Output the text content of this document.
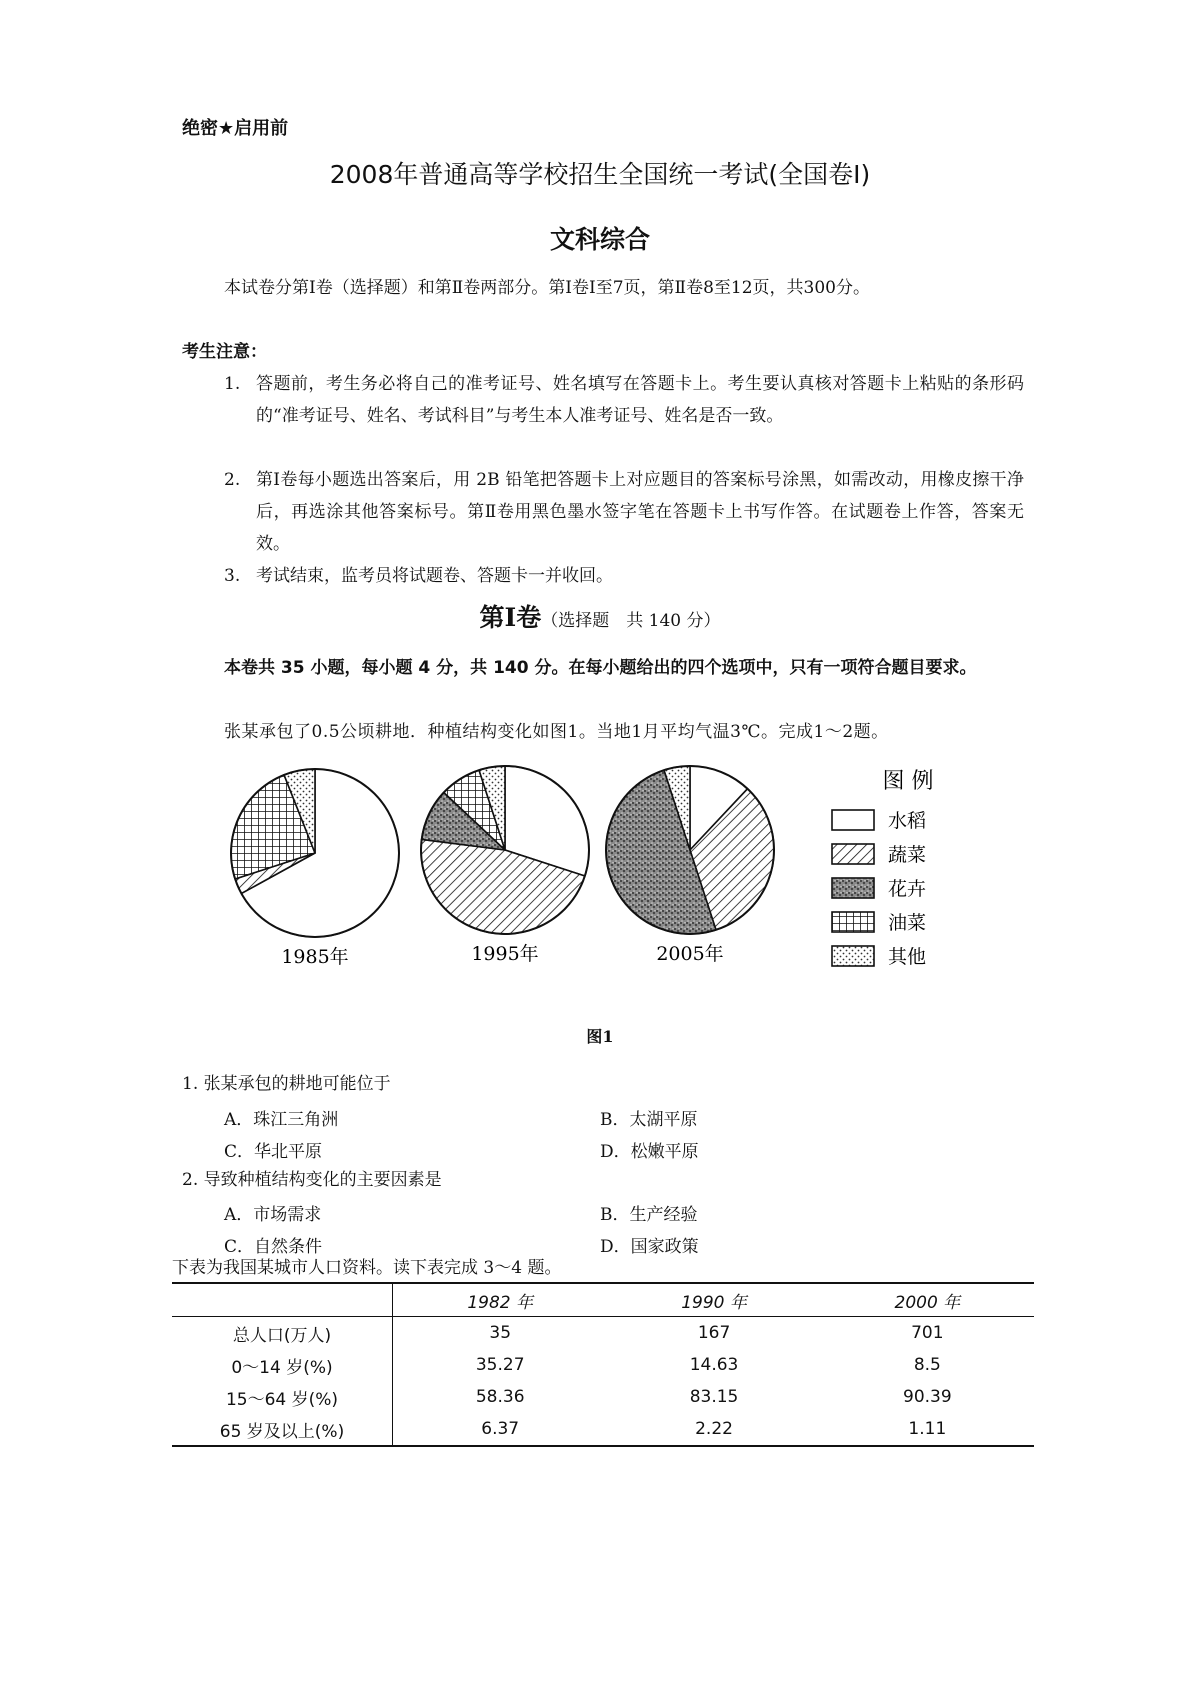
绝密★启用前
2008年普通高等学校招生全国统一考试(全国卷Ⅰ)
文科综合
本试卷分第Ⅰ卷（选择题）和第Ⅱ卷两部分。第Ⅰ卷Ⅰ至7页，第Ⅱ卷8至12页，共300分。
考生注意：
1. 答题前，考生务必将自己的准考证号、姓名填写在答题卡上。考生要认真核对答题卡上粘贴的条形码的“准考证号、姓名、考试科目”与考生本人准考证号、姓名是否一致。
2. 第Ⅰ卷每小题选出答案后，用 2B 铅笔把答题卡上对应题目的答案标号涂黑，如需改动，用橡皮擦干净后，再选涂其他答案标号。第Ⅱ卷用黑色墨水签字笔在答题卡上书写作答。在试题卷上作答，答案无效。
3. 考试结束，监考员将试题卷、答题卡一并收回。
第Ⅰ卷（选择题　共 140 分）
本卷共 35 小题，每小题 4 分，共 140 分。在每小题给出的四个选项中，只有一项符合题目要求。
张某承包了0.5公顷耕地．种植结构变化如图1。当地1月平均气温3℃。完成1～2题。
1985年	1995年	2005年
图 例
水稻
蔬菜
花卉
油菜
其他
图1
1. 张某承包的耕地可能位于
A．珠江三角洲	B．太湖平原
C．华北平原	D．松嫩平原
2. 导致种植结构变化的主要因素是
A．市场需求	B．生产经验
C．自然条件	D．国家政策
下表为我国某城市人口资料。读下表完成 3～4 题。
	1982 年	1990 年	2000 年
总人口(万人)	35	167	701
0～14 岁(%)	35.27	14.63	8.5
15～64 岁(%)	58.36	83.15	90.39
65 岁及以上(%)	6.37	2.22	1.11
